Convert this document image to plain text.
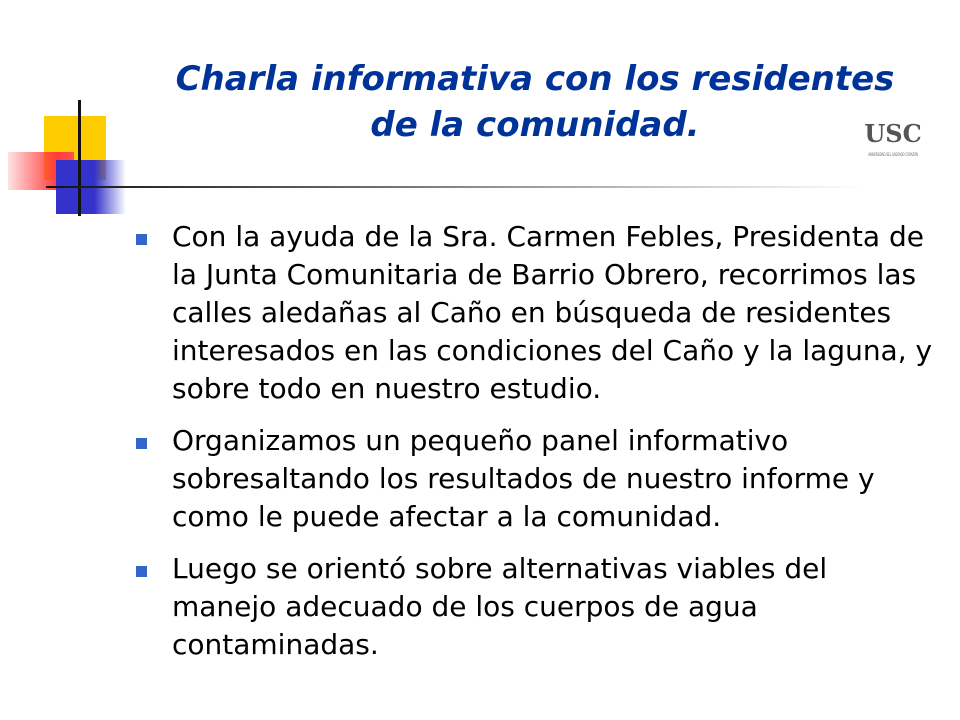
Charla informativa con los residentes
de la comunidad.	USC
UNIVERSIDAD DEL SAGRADO CORAZÓN
Con la ayuda de la Sra. Carmen Febles, Presidenta de la Junta Comunitaria de Barrio Obrero, recorrimos las calles aledañas al Caño en búsqueda de residentes interesados en las condiciones del Caño y la laguna, y sobre todo en nuestro estudio.
Organizamos un pequeño panel informativo sobresaltando los resultados de nuestro informe y como le puede afectar a la comunidad.
Luego se orientó sobre alternativas viables del manejo adecuado de los cuerpos de agua contaminadas.
